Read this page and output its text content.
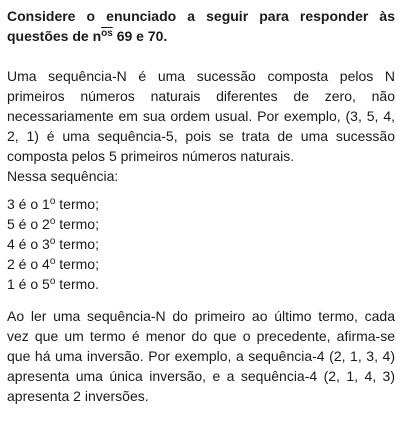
Considere o enunciado a seguir para responder às questões de $n^{\overline{os}}$ 69 e 70.

Uma sequência-N é uma sucessão composta pelos N primeiros números naturais diferentes de zero, não necessariamente em sua ordem usual. Por exemplo, (3, 5, 4, 2, 1) é uma sequência-5, pois se trata de uma sucessão composta pelos 5 primeiros números naturais.

Nessa sequência:

3 é o 1$^o$ termo;
5 é o 2$^o$ termo;
4 é o 3$^o$ termo;
2 é o 4$^o$ termo;
1 é o 5$^o$ termo.

Ao ler uma sequência-N do primeiro ao último termo, cada vez que um termo é menor do que o precedente, afirma-se que há uma inversão. Por exemplo, a sequência-4 (2, 1, 3, 4) apresenta uma única inversão, e a sequência-4 (2, 1, 4, 3) apresenta 2 inversões.
